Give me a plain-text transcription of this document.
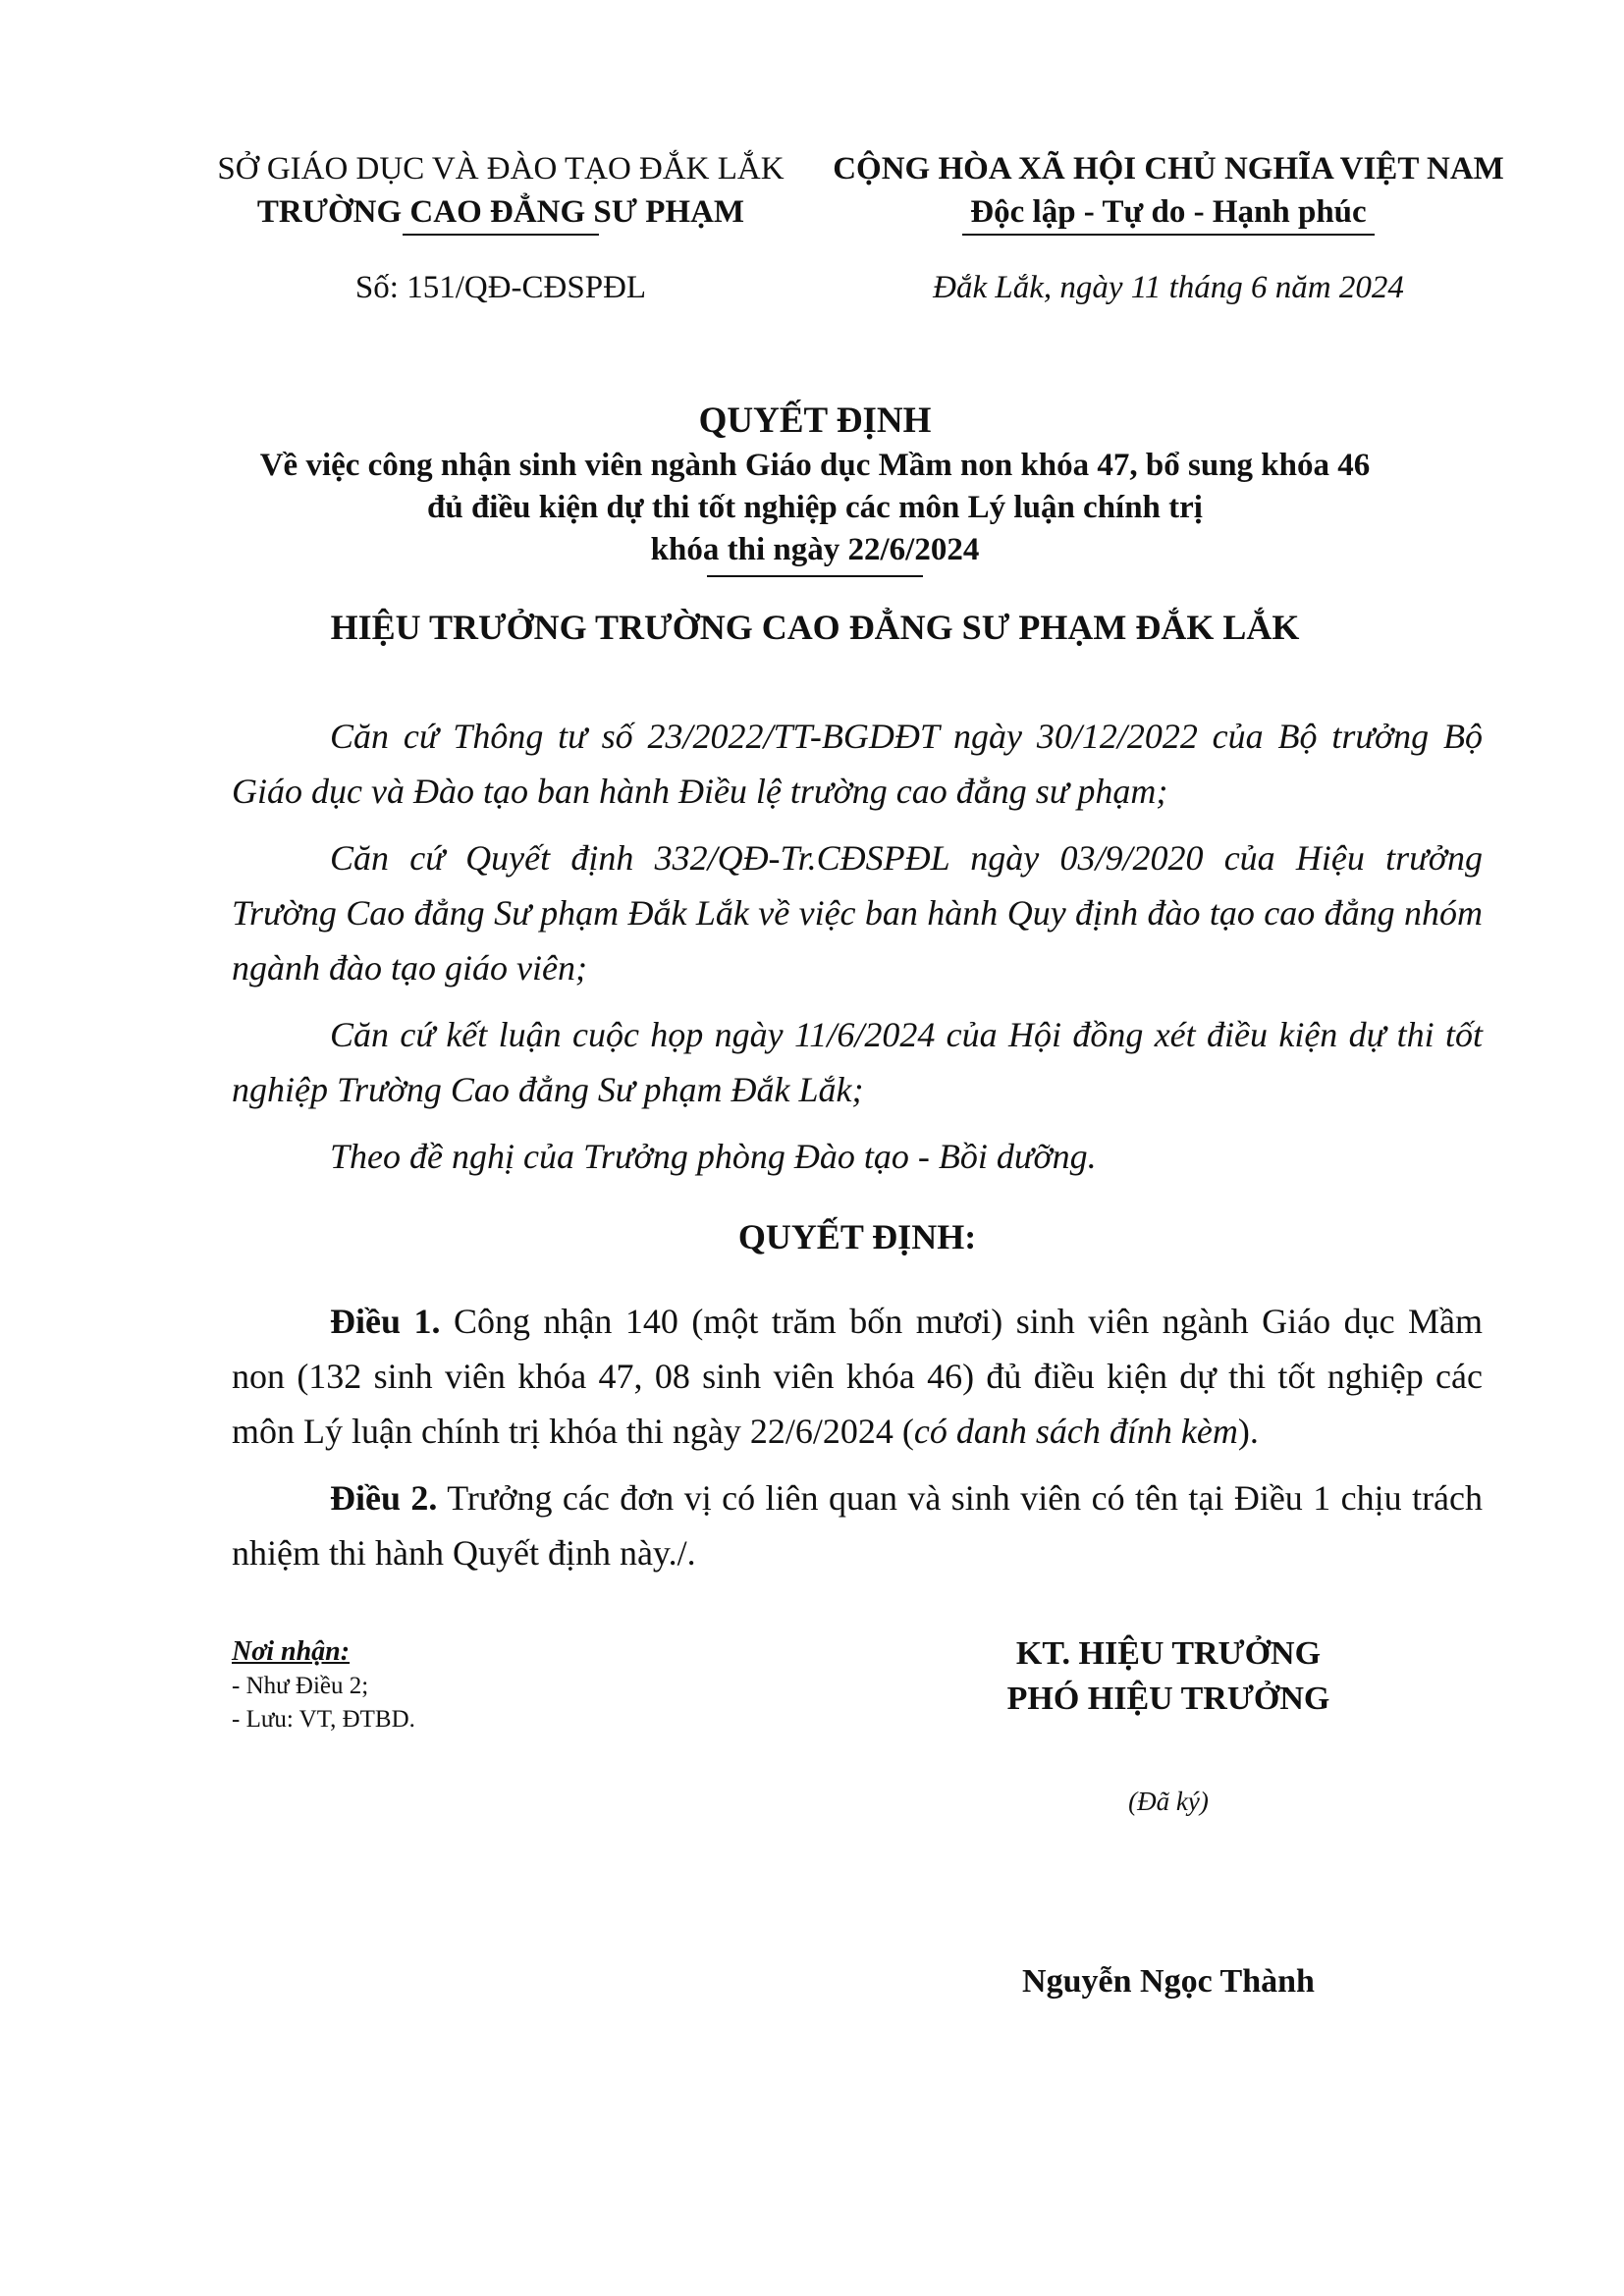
SỞ GIÁO DỤC VÀ ĐÀO TẠO ĐẮK LẮK
TRƯỜNG CAO ĐẲNG SƯ PHẠM
CỘNG HÒA XÃ HỘI CHỦ NGHĨA VIỆT NAM
Độc lập - Tự do - Hạnh phúc
Số: 151/QĐ-CĐSPĐL	Đắk Lắk, ngày 11 tháng 6 năm 2024
QUYẾT ĐỊNH
Về việc công nhận sinh viên ngành Giáo dục Mầm non khóa 47, bổ sung khóa 46
đủ điều kiện dự thi tốt nghiệp các môn Lý luận chính trị
khóa thi ngày 22/6/2024
HIỆU TRƯỞNG TRƯỜNG CAO ĐẲNG SƯ PHẠM ĐẮK LẮK

Căn cứ Thông tư số 23/2022/TT-BGDĐT ngày 30/12/2022 của Bộ trưởng Bộ Giáo dục và Đào tạo ban hành Điều lệ trường cao đẳng sư phạm;

Căn cứ Quyết định 332/QĐ-Tr.CĐSPĐL ngày 03/9/2020 của Hiệu trưởng Trường Cao đẳng Sư phạm Đắk Lắk về việc ban hành Quy định đào tạo cao đẳng nhóm ngành đào tạo giáo viên;

Căn cứ kết luận cuộc họp ngày 11/6/2024 của Hội đồng xét điều kiện dự thi tốt nghiệp Trường Cao đẳng Sư phạm Đắk Lắk;

Theo đề nghị của Trưởng phòng Đào tạo - Bồi dưỡng.

QUYẾT ĐỊNH:

Điều 1. Công nhận 140 (một trăm bốn mươi) sinh viên ngành Giáo dục Mầm non (132 sinh viên khóa 47, 08 sinh viên khóa 46) đủ điều kiện dự thi tốt nghiệp các môn Lý luận chính trị khóa thi ngày 22/6/2024 (có danh sách đính kèm).

Điều 2. Trưởng các đơn vị có liên quan và sinh viên có tên tại Điều 1 chịu trách nhiệm thi hành Quyết định này./.

Nơi nhận:
- Như Điều 2;
- Lưu: VT, ĐTBD.
KT. HIỆU TRƯỞNG
PHÓ HIỆU TRƯỞNG
(Đã ký)
Nguyễn Ngọc Thành
